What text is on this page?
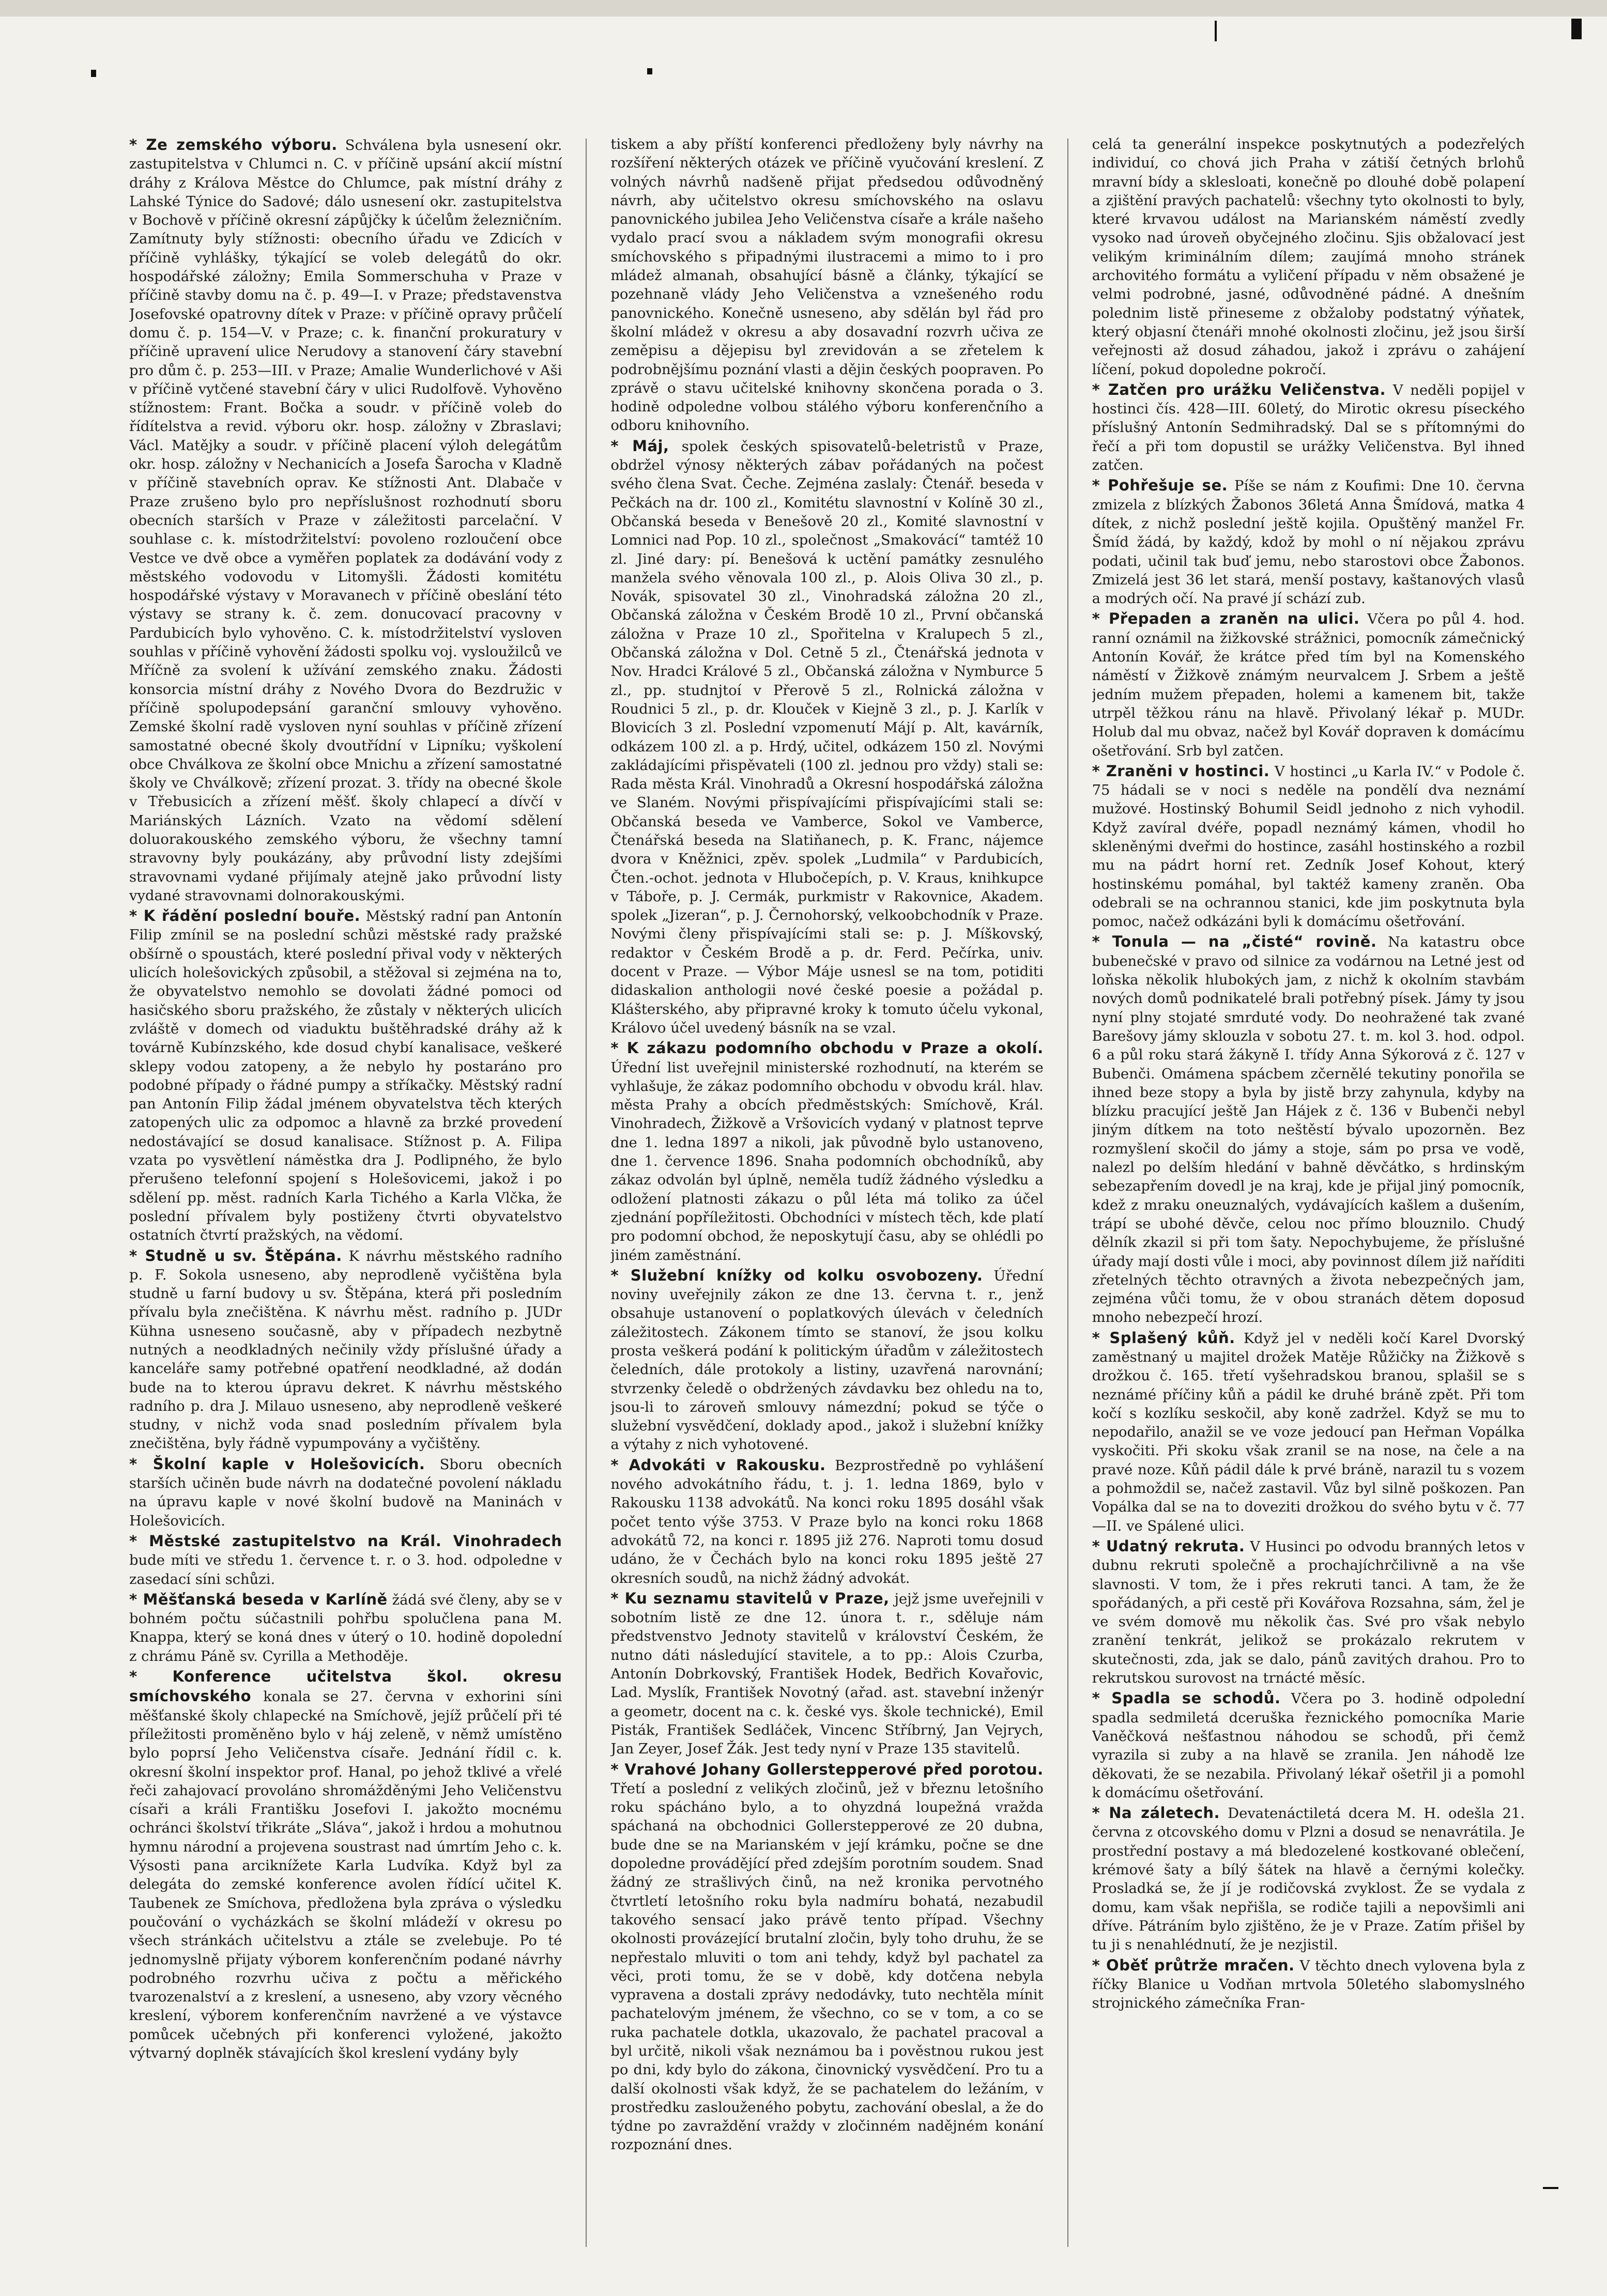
* Ze zemského výboru. Schválena byla usnesení okr. zastupitelstva v Chlumci n. C. v příčině upsání akcií místní dráhy z Králova Městce do Chlumce, pak místní dráhy z Lahské Týnice do Sadové; dálo usnesení okr. zastupitelstva v Bochově v příčině okresní zápůjčky k účelům železničním. Zamítnuty byly stížnosti: obecního úřadu ve Zdicích v příčině vyhlášky, týkající se voleb delegátů do okr. hospodářské záložny; Emila Sommerschuha v Praze v příčině stavby domu na č. p. 49—I. v Praze; představenstva Josefovské opatrovny dítek v Praze: v příčině opravy průčelí domu č. p. 154—V. v Praze; c. k. finanční prokuratury v příčině upravení ulice Nerudovy a stanovení čáry stavební pro dům č. p. 253—III. v Praze; Amalie Wunderlichové v Aši v příčině vytčené stavební čáry v ulici Rudolfově. Vyhověno stížnostem: Frant. Bočka a soudr. v příčině voleb do řídítelstva a revid. výboru okr. hosp. záložny v Zbraslavi; Václ. Matějky a soudr. v příčině placení výloh delegátům okr. hosp. záložny v Nechanicích a Josefa Šarocha v Kladně v příčině stavebních oprav. Ke stížnosti Ant. Dlabače v Praze zrušeno bylo pro nepříslušnost rozhodnutí sboru obecních starších v Praze v záležitosti parcelační. V souhlase c. k. místodržitelství: povoleno rozloučení obce Vestce ve dvě obce a vyměřen poplatek za dodávání vody z městského vodovodu v Litomyšli. Žádosti komitétu hospodářské výstavy v Moravanech v příčině obeslání této výstavy se strany k. č. zem. donucovací pracovny v Pardubicích bylo vyhověno. C. k. místodržitelství vysloven souhlas v příčině vyhovění žádosti spolku voj. vysloužilců ve Mříčně za svolení k užívání zemského znaku. Žádosti konsorcia místní dráhy z Nového Dvora do Bezdružic v příčině spolupodepsání garanční smlouvy vyhověno. Zemské školní radě vysloven nyní souhlas v příčině zřízení samostatné obecné školy dvoutřídní v Lipníku; vyškolení obce Chválkova ze školní obce Mnichu a zřízení samostatné školy ve Chválkově; zřízení prozat. 3. třídy na obecné škole v Třebusicích a zřízení měšť. školy chlapecí a dívčí v Mariánských Lázních. Vzato na vědomí sdělení doluorakouského zemského výboru, že všechny tamní stravovny byly poukázány, aby průvodní listy zdejšími stravovnami vydané přijímaly atejně jako průvodní listy vydané stravovnami dolnorakouskými.

* K řádění poslední bouře. Městský radní pan Antonín Filip zmínil se na poslední schůzi městské rady pražské obšírně o spoustách, které poslední přival vody v některých ulicích holešovických způsobil, a stěžoval si zejména na to, že obyvatelstvo nemohlo se dovolati žádné pomoci od hasičského sboru pražského, že zůstaly v některých ulicích zvláště v domech od viaduktu buštěhradské dráhy až k továrně Kubínzského, kde dosud chybí kanalisace, veškeré sklepy vodou zatopeny, a že nebylo hy postaráno pro podobné případy o řádné pumpy a stříkačky. Městský radní pan Antonín Filip žádal jménem obyvatelstva těch kterých zatopených ulic za odpomoc a hlavně za brzké provedení nedostávající se dosud kanalisace. Stížnost p. A. Filipa vzata po vysvětlení náměstka dra J. Podlipného, že bylo přerušeno telefonní spojení s Holešovicemi, jakož i po sdělení pp. měst. radních Karla Tichého a Karla Vlčka, že poslední přívalem byly postiženy čtvrti obyvatelstvo ostatních čtvrtí pražských, na vědomí.

* Studně u sv. Štěpána. K návrhu městského radního p. F. Sokola usneseno, aby neprodleně vyčištěna byla studně u farní budovy u sv. Štěpána, která při posledním přívalu byla znečištěna. K návrhu měst. radního p. JUDr Kühna usneseno současně, aby v případech nezbytně nutných a neodkladných nečinily vždy příslušné úřady a kanceláře samy potřebné opatření neodkladné, až dodán bude na to kterou úpravu dekret. K návrhu městského radního p. dra J. Milauo usneseno, aby neprodleně veškeré studny, v nichž voda snad posledním přívalem byla znečištěna, byly řádně vypumpovány a vyčištěny.

* Školní kaple v Holešovicích. Sboru obecních starších učiněn bude návrh na dodatečné povolení nákladu na úpravu kaple v nové školní budově na Maninách v Holešovicích.

* Městské zastupitelstvo na Král. Vinohradech bude míti ve středu 1. července t. r. o 3. hod. odpoledne v zasedací síni schůzi.

* Měšťanská beseda v Karlíně žádá své členy, aby se v bohném počtu súčastnili pohřbu spolučlena pana M. Knappa, který se koná dnes v úterý o 10. hodině dopolední z chrámu Páně sv. Cyrilla a Methoděje.

* Konference učitelstva škol. okresu smíchovského konala se 27. června v exhorini síni měšťanské školy chlapecké na Smíchově, jejíž průčelí při té příležitosti proměněno bylo v háj zeleně, v němž umístěno bylo poprsí Jeho Veličenstva císaře. Jednání řídil c. k. okresní školní inspektor prof. Hanal, po jehož tklivé a vřelé řeči zahajovací provoláno shromážděnými Jeho Veličenstvu císaři a králi Františku Josefovi I. jakožto mocnému ochránci školství třikráte „Sláva“, jakož i hrdou a mohutnou hymnu národní a projevena soustrast nad úmrtím Jeho c. k. Výsosti pana arciknížete Karla Ludvíka. Když byl za delegáta do zemské konference avolen řídící učitel K. Taubenek ze Smíchova, předložena byla zpráva o výsledku poučování o vycházkách se školní mládeží v okresu po všech stránkách učitelstvu a ztále se zvelebuje. Po té jednomyslně přijaty výborem konferenčním podané návrhy podrobného rozvrhu učiva z počtu a měřického tvarozenalství a z kreslení, a usneseno, aby vzory věcného kreslení, výborem konferenčním navržené a ve výstavce pomůcek učebných při konferenci vyložené, jakožto výtvarný doplněk stávajících škol kreslení vydány byly

tiskem a aby příští konferenci předloženy byly návrhy na rozšíření některých otázek ve příčině vyučování kreslení. Z volných návrhů nadšeně přijat předsedou odůvodněný návrh, aby učitelstvo okresu smíchovského na oslavu panovnického jubilea Jeho Veličenstva císaře a krále našeho vydalo prací svou a nákladem svým monografii okresu smíchovského s připadnými ilustracemi a mimo to i pro mládež almanah, obsahující básně a články, týkající se pozehnaně vlády Jeho Veličenstva a vznešeného rodu panovnického. Konečně usneseno, aby sdělán byl řád pro školní mládež v okresu a aby dosavadní rozvrh učiva ze zeměpisu a dějepisu byl zrevidován a se zřetelem k podrobnějšímu poznání vlasti a dějin českých poopraven. Po zprávě o stavu učitelské knihovny skončena porada o 3. hodině odpoledne volbou stálého výboru konferenčního a odboru knihovního.

* Máj, spolek českých spisovatelů-beletristů v Praze, obdržel výnosy některých zábav pořádaných na počest svého člena Svat. Čeche. Zejména zaslaly: Čtenář. beseda v Pečkách na dr. 100 zl., Komitétu slavnostní v Kolíně 30 zl., Občanská beseda v Benešově 20 zl., Komité slavnostní v Lomnici nad Pop. 10 zl., společnost „Smakovácí“ tamtéž 10 zl. Jiné dary: pí. Benešová k uctění památky zesnulého manžela svého věnovala 100 zl., p. Alois Oliva 30 zl., p. Novák, spisovatel 30 zl., Vinohradská záložna 20 zl., Občanská záložna v Českém Brodě 10 zl., První občanská záložna v Praze 10 zl., Spořitelna v Kralupech 5 zl., Občanská záložna v Dol. Cetně 5 zl., Čtenářská jednota v Nov. Hradci Králové 5 zl., Občanská záložna v Nymburce 5 zl., pp. studnjtoí v Přerově 5 zl., Rolnická záložna v Roudnici 5 zl., p. dr. Klouček v Kiejně 3 zl., p. J. Karlík v Blovicích 3 zl. Poslední vzpomenutí Májí p. Alt, kavárník, odkázem 100 zl. a p. Hrdý, učitel, odkázem 150 zl. Novými zakládajícími přispěvateli (100 zl. jednou pro vždy) stali se: Rada města Král. Vinohradů a Okresní hospodářská záložna ve Slaném. Novými přispívajícími přispívajícími stali se: Občanská beseda ve Vamberce, Sokol ve Vamberce, Čtenářská beseda na Slatiňanech, p. K. Franc, nájemce dvora v Kněžnici, zpěv. spolek „Ludmila“ v Pardubicích, Čten.-ochot. jednota v Hlubočepích, p. V. Kraus, knihkupce v Táboře, p. J. Cermák, purkmistr v Rakovnice, Akadem. spolek „Jizeran“, p. J. Černohorský, velkoobchodník v Praze. Novými členy přispívajícími stali se: p. J. Míškovský, redaktor v Českém Brodě a p. dr. Ferd. Pečírka, univ. docent v Praze. — Výbor Máje usnesl se na tom, potiditi didaskalion anthologii nové české poesie a požádal p. Klášterského, aby připravné kroky k tomuto účelu vykonal, Královo účel uvedený básník na se vzal.

* K zákazu podomního obchodu v Praze a okolí. Úřední list uveřejnil ministerské rozhodnutí, na kterém se vyhlašuje, že zákaz podomního obchodu v obvodu král. hlav. města Prahy a obcích předměstských: Smíchově, Král. Vinohradech, Žižkově a Vršovicích vydaný v platnost teprve dne 1. ledna 1897 a nikoli, jak původně bylo ustanoveno, dne 1. července 1896. Snaha podomních obchodníků, aby zákaz odvolán byl úplně, neměla tudíž žádného výsledku a odložení platnosti zákazu o půl léta má toliko za účel zjednání popříležitosti. Obchodníci v místech těch, kde platí pro podomní obchod, že neposkytují času, aby se ohlédli po jiném zaměstnání.

* Služební knížky od kolku osvobozeny. Úřední noviny uveřejnily zákon ze dne 13. června t. r., jenž obsahuje ustanovení o poplatkových úlevách v čeledních záležitostech. Zákonem tímto se stanoví, že jsou kolku prosta veškerá podání k politickým úřadům v záležitostech čeledních, dále protokoly a listiny, uzavřená narovnání; stvrzenky čeledě o obdržených závdavku bez ohledu na to, jsou-li to zároveň smlouvy námezdní; pokud se týče o služební vysvědčení, doklady apod., jakož i služební knížky a výtahy z nich vyhotovené.

* Advokáti v Rakousku. Bezprostředně po vyhlášení nového advokátního řádu, t. j. 1. ledna 1869, bylo v Rakousku 1138 advokátů. Na konci roku 1895 dosáhl však počet tento výše 3753. V Praze bylo na konci roku 1868 advokátů 72, na konci r. 1895 již 276. Naproti tomu dosud udáno, že v Čechách bylo na konci roku 1895 ještě 27 okresních soudů, na nichž žádný advokát.

* Ku seznamu stavitelů v Praze, jejž jsme uveřejnili v sobotním listě ze dne 12. února t. r., sděluje nám předstvenstvo Jednoty stavitelů v království Českém, že nutno dáti následující stavitele, a to pp.: Alois Czurba, Antonín Dobrkovský, František Hodek, Bedřich Kovařovic, Lad. Myslík, František Novotný (ařad. ast. stavební inženýr a geometr, docent na c. k. české vys. škole technické), Emil Pisták, František Sedláček, Vincenc Stříbrný, Jan Vejrych, Jan Zeyer, Josef Žák. Jest tedy nyní v Praze 135 stavitelů.

* Vrahové Johany Gollerstepperové před porotou. Třetí a poslední z velikých zločinů, jež v březnu letošního roku spácháno bylo, a to ohyzdná loupežná vražda spáchaná na obchodnici Gollerstepperové ze 20 dubna, bude dne se na Marianském v její krámku, počne se dne dopoledne provádějící před zdejším porotním soudem. Snad žádný ze strašlivých činů, na než kronika pervotného čtvrtletí letošního roku byla nadmíru bohatá, nezabudil takového sensací jako právě tento případ. Všechny okolnosti provázející brutalní zločin, byly toho druhu, že se nepřestalo mluviti o tom ani tehdy, když byl pachatel za věci, proti tomu, že se v době, kdy dotčena nebyla vypravena a dostali zprávy nedodávky, tuto nechtěla mínit pachatelovým jménem, že všechno, co se v tom, a co se ruka pachatele dotkla, ukazovalo, že pachatel pracoval a byl určitě, nikoli však neznámou ba i pověstnou rukou jest po dni, kdy bylo do zákona, činovnický vysvědčení. Pro tu a další okolnosti však když, že se pachatelem do ležáním, v prostředku zaslouženého pobytu, zachování obeslal, a že do týdne po zavraždění vraždy v zločinném nadějném konání rozpoznání dnes.

celá ta generální inspekce poskytnutých a podezřelých individuí, co chová jich Praha v zátiší četných brlohů mravní bídy a sklesloati, konečně po dlouhé době polapení a zjištění pravých pachatelů: všechny tyto okolnosti to byly, které krvavou událost na Marianském náměstí zvedly vysoko nad úroveň obyčejného zločinu. Sjis obžalovací jest velikým kriminálním dílem; zaujímá mnoho stránek archovitého formátu a vyličení případu v něm obsažené je velmi podrobné, jasné, odůvodněné pádné. A dnešním polednim listě přineseme z obžaloby podstatný výňatek, který objasní čtenáři mnohé okolnosti zločinu, jež jsou širší veřejnosti až dosud záhadou, jakož i zprávu o zahájení líčení, pokud dopoledne pokročí.

* Zatčen pro urážku Veličenstva. V neděli popijel v hostinci čís. 428—III. 60letý, do Mirotic okresu píseckého příslušný Antonín Sedmihradský. Dal se s přítomnými do řečí a při tom dopustil se urážky Veličenstva. Byl ihned zatčen.

* Pohřešuje se. Píše se nám z Koufimi: Dne 10. června zmizela z blízkých Žabonos 36letá Anna Šmídová, matka 4 dítek, z nichž poslední ještě kojila. Opuštěný manžel Fr. Šmíd žádá, by každý, kdož by mohl o ní nějakou zprávu podati, učinil tak buď jemu, nebo starostovi obce Žabonos. Zmizelá jest 36 let stará, menší postavy, kaštanových vlasů a modrých očí. Na pravé jí schází zub.

* Přepaden a zraněn na ulici. Včera po půl 4. hod. ranní oznámil na žižkovské strážnici, pomocník zámečnický Antonín Kovář, že krátce před tím byl na Komenského náměstí v Žižkově známým neurvalcem J. Srbem a ještě jedním mužem přepaden, holemi a kamenem bit, takže utrpěl těžkou ránu na hlavě. Přivolaný lékař p. MUDr. Holub dal mu obvaz, načež byl Kovář dopraven k domácímu ošetřování. Srb byl zatčen.

* Zraněni v hostinci. V hostinci „u Karla IV.“ v Podole č. 75 hádali se v noci s neděle na pondělí dva neznámí mužové. Hostinský Bohumil Seidl jednoho z nich vyhodil. Když zavíral dvéře, popadl neznámý kámen, vhodil ho skleněnými dveřmi do hostince, zasáhl hostinského a rozbil mu na pádrt horní ret. Zedník Josef Kohout, který hostinskému pomáhal, byl taktéž kameny zraněn. Oba odebrali se na ochrannou stanici, kde jim poskytnuta byla pomoc, načež odkázáni byli k domácímu ošetřování.

* Tonula — na „čisté“ rovině. Na katastru obce bubenečské v pravo od silnice za vodárnou na Letné jest od loňska několik hlubokých jam, z nichž k okolním stavbám nových domů podnikatelé brali potřebný písek. Jámy ty jsou nyní plny stojaté smrduté vody. Do neohražené tak zvané Barešovy jámy sklouzla v sobotu 27. t. m. kol 3. hod. odpol. 6 a půl roku stará žákyně I. třídy Anna Sýkorová z č. 127 v Bubenči. Omámena spácbem zčernělé tekutiny ponořila se ihned beze stopy a byla by jistě brzy zahynula, kdyby na blízku pracující ještě Jan Hájek z č. 136 v Bubenči nebyl jiným dítkem na toto neštěstí bývalo upozorněn. Bez rozmyšlení skočil do jámy a stoje, sám po prsa ve vodě, nalezl po delším hledání v bahně děvčátko, s hrdinským sebezapřením dovedl je na kraj, kde je přijal jiný pomocník, kdež z mraku oneuznalých, vydávajících kašlem a dušením, trápí se ubohé děvče, celou noc přímo blouznilo. Chudý dělník zkazil si při tom šaty. Nepochybujeme, že příslušné úřady mají dosti vůle i moci, aby povinnost dílem již naříditi zřetelných těchto otravných a života nebezpečných jam, zejména vůči tomu, že v obou stranách dětem doposud mnoho nebezpečí hrozí.

* Splašený kůň. Když jel v neděli kočí Karel Dvorský zaměstnaný u majitel drožek Matěje Růžičky na Žižkově s drožkou č. 165. třetí vyšehradskou branou, splašil se s neznámé příčiny kůň a pádil ke druhé bráně zpět. Při tom kočí s kozlíku seskočil, aby koně zadržel. Když se mu to nepodařilo, anažil se ve voze jedoucí pan Heřman Vopálka vyskočiti. Při skoku však zranil se na nose, na čele a na pravé noze. Kůň pádil dále k prvé bráně, narazil tu s vozem a pohmoždil se, načež zastavil. Vůz byl silně poškozen. Pan Vopálka dal se na to doveziti drožkou do svého bytu v č. 77—II. ve Spálené ulici.

* Udatný rekruta. V Husinci po odvodu branných letos v dubnu rekruti společně a prochajíchrčilivně a na vše slavnosti. V tom, že i přes rekruti tanci. A tam, že že spořádaných, a při cestě při Kovářova Rozsahna, sám, žel je ve svém domově mu několik čas. Své pro však nebylo zranění tenkrát, jelikož se prokázalo rekrutem v skutečnosti, zda, jak se dalo, pánů zavitých drahou. Pro to rekrutskou surovost na trnácté měsíc.

* Spadla se schodů. Včera po 3. hodině odpolední spadla sedmiletá dceruška řeznického pomocníka Marie Vaněčková nešťastnou náhodou se schodů, při čemž vyrazila si zuby a na hlavě se zranila. Jen náhodě lze děkovati, že se nezabila. Přivolaný lékař ošetřil ji a pomohl k domácímu ošetřování.

* Na záletech. Devatenáctiletá dcera M. H. odešla 21. června z otcovského domu v Plzni a dosud se nenavrátila. Je prostřední postavy a má bledozelené kostkované oblečení, krémové šaty a bílý šátek na hlavě a černými kolečky. Prosladká se, že jí je rodičovská zvyklost. Že se vydala z domu, kam však nepřišla, se rodiče tajili a nepovšimli ani dříve. Pátráním bylo zjištěno, že je v Praze. Zatím přišel by tu ji s nenahlédnutí, že je nezjistil.

* Oběť průtrže mračen. V těchto dnech vylovena byla z říčky Blanice u Vodňan mrtvola 50letého slabomyslného strojnického zámečníka Fran-
